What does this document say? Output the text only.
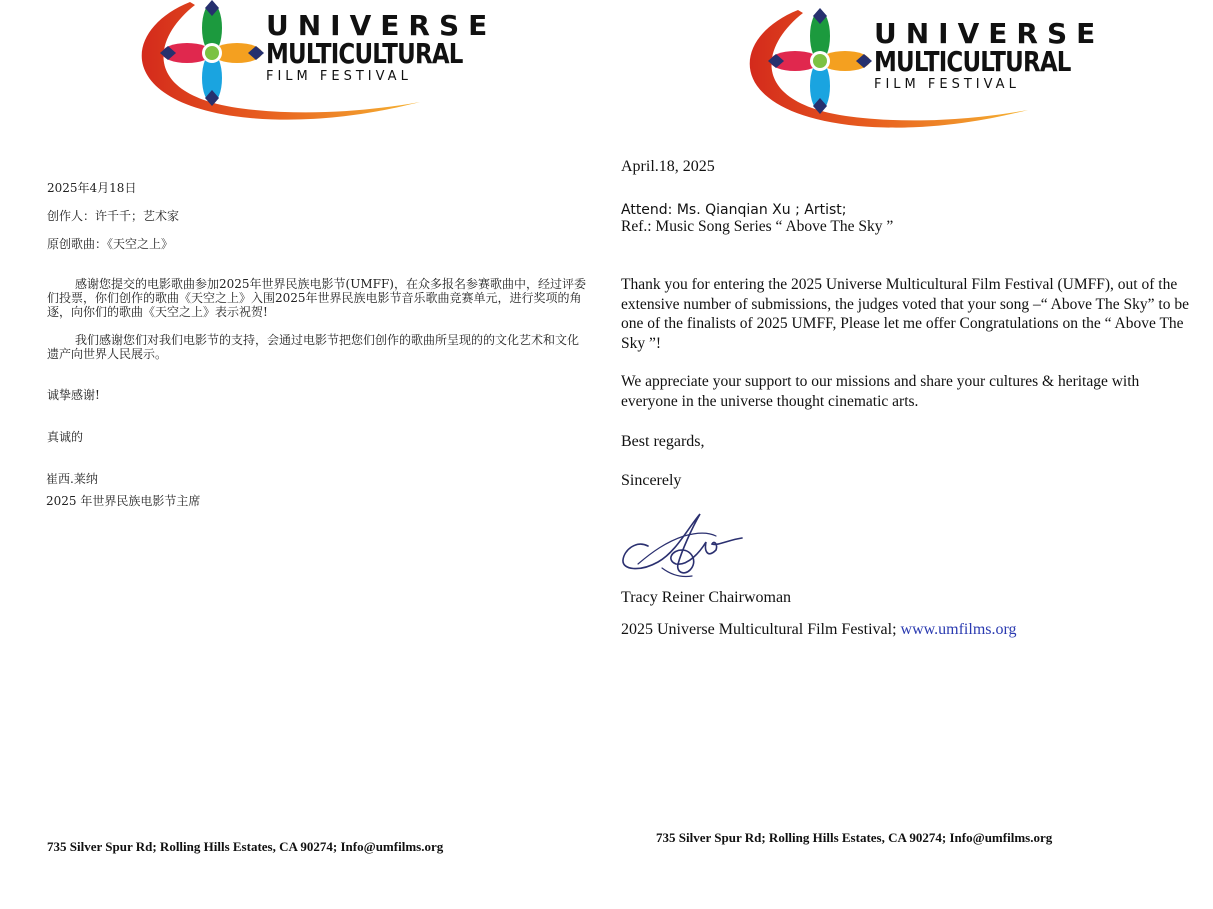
UNIVERSE
MULTICULTURAL
FILM FESTIVAL
2025年4月18日
创作人：许千千；艺术家
原创歌曲：《天空之上》

感谢您提交的电影歌曲参加2025年世界民族电影节(UMFF)，在众多报名参赛歌曲中，经过评委们投票，你们创作的歌曲《天空之上》入围2025年世界民族电影节音乐歌曲竞赛单元，进行奖项的角逐，向你们的歌曲《天空之上》表示祝贺!

我们感谢您们对我们电影节的支持，会通过电影节把您们创作的歌曲所呈现的的文化艺术和文化遗产向世界人民展示。

诚挚感谢!
真诚的
崔西.莱纳
2025 年世界民族电影节主席
735 Silver Spur Rd; Rolling Hills Estates, CA 90274; Info@umfilms.org
UNIVERSE
MULTICULTURAL
FILM FESTIVAL
April.18, 2025
Attend: Ms. Qianqian Xu ; Artist;
Ref.: Music Song Series “ Above The Sky ”

Thank you for entering the 2025 Universe Multicultural Film Festival (UMFF), out of the extensive number of submissions, the judges voted that your song –“ Above The Sky” to be one of the finalists of 2025 UMFF, Please let me offer Congratulations on the “ Above The Sky ”!

We appreciate your support to our missions and share your cultures & heritage with everyone in the universe thought cinematic arts.

Best regards,
Sincerely
Tracy Reiner Chairwoman
2025 Universe Multicultural Film Festival; www.umfilms.org
735 Silver Spur Rd; Rolling Hills Estates, CA 90274; Info@umfilms.org
